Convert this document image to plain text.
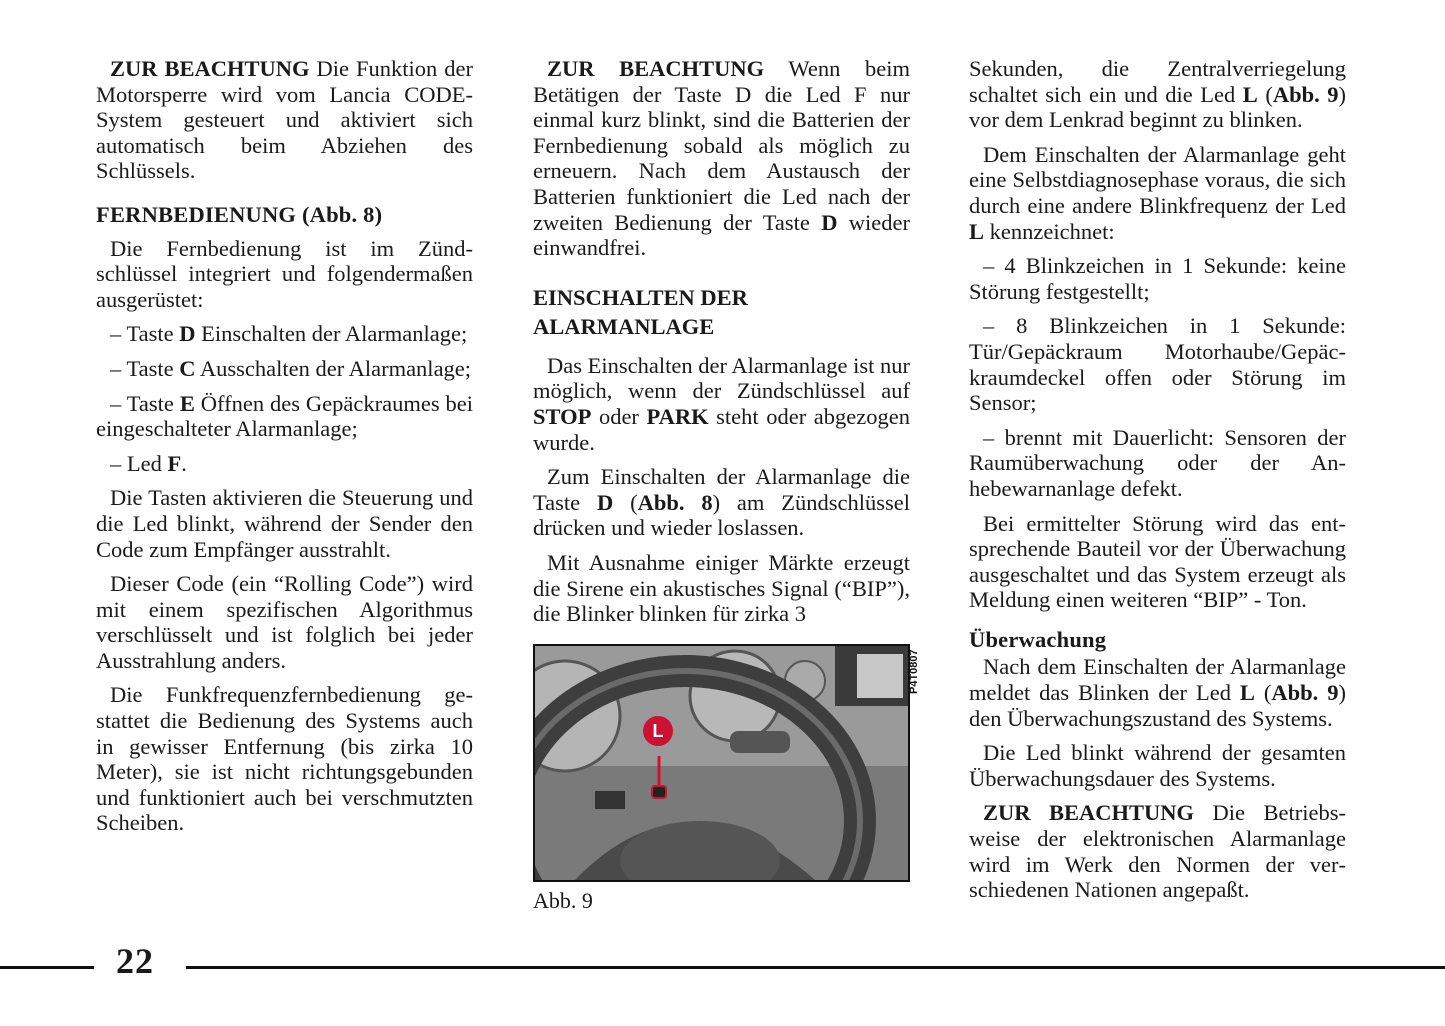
ZUR BEACHTUNG Die Funktion der Motorsperre wird vom Lancia CODE- System gesteuert und aktiviert sich automatisch beim Abziehen des Schlüssels.

FERNBEDIENUNG (Abb. 8)

Die Fernbedienung ist im Zündschlüssel integriert und folgendermaßen ausgerüstet:

– Taste D Einschalten der Alarmanlage;

– Taste C Ausschalten der Alarmanlage;

– Taste E Öffnen des Gepäckraumes bei eingeschalteter Alarmanlage;

– Led F.

Die Tasten aktivieren die Steuerung und die Led blinkt, während der Sender den Code zum Empfänger ausstrahlt.

Dieser Code (ein “Rolling Code”) wird mit einem spezifischen Algorithmus verschlüsselt und ist folglich bei jeder Ausstrahlung anders.

Die Funkfrequenzfernbedienung gestattet die Bedienung des Systems auch in gewisser Entfernung (bis zirka 10 Meter), sie ist nicht richtungsgebunden und funktioniert auch bei verschmutzten Scheiben.

ZUR BEACHTUNG Wenn beim Betätigen der Taste D die Led F nur einmal kurz blinkt, sind die Batterien der Fernbedienung sobald als möglich zu erneuern. Nach dem Austausch der Batterien funktioniert die Led nach der zweiten Bedienung der Taste D wieder einwandfrei.

EINSCHALTEN DER
ALARMANLAGE

Das Einschalten der Alarmanlage ist nur möglich, wenn der Zündschlüssel auf STOP oder PARK steht oder abgezogen wurde.

Zum Einschalten der Alarmanlage die Taste D (Abb. 8) am Zündschlüssel drücken und wieder loslassen.

Mit Ausnahme einiger Märkte erzeugt die Sirene ein akustisches Signal (“BIP”), die Blinker blinken für zirka 3

L
P4T0807
Abb. 9

Sekunden, die Zentralverriegelung schaltet sich ein und die Led L (Abb. 9) vor dem Lenkrad beginnt zu blinken.

Dem Einschalten der Alarmanlage geht eine Selbstdiagnosephase voraus, die sich durch eine andere Blinkfrequenz der Led L kennzeichnet:

– 4 Blinkzeichen in 1 Sekunde: keine Störung festgestellt;

– 8 Blinkzeichen in 1 Sekunde: Tür/Gepäckraum Motorhaube/Gepäckraumdeckel offen oder Störung im Sensor;

– brennt mit Dauerlicht: Sensoren der Raumüberwachung oder der Anhebewarnanlage defekt.

Bei ermittelter Störung wird das entsprechende Bauteil vor der Überwachung ausgeschaltet und das System erzeugt als Meldung einen weiteren “BIP” - Ton.

Überwachung

Nach dem Einschalten der Alarmanlage meldet das Blinken der Led L (Abb. 9) den Überwachungszustand des Systems.

Die Led blinkt während der gesamten Überwachungsdauer des Systems.

ZUR BEACHTUNG Die Betriebsweise der elektronischen Alarmanlage wird im Werk den Normen der verschiedenen Nationen angepaßt.

22
